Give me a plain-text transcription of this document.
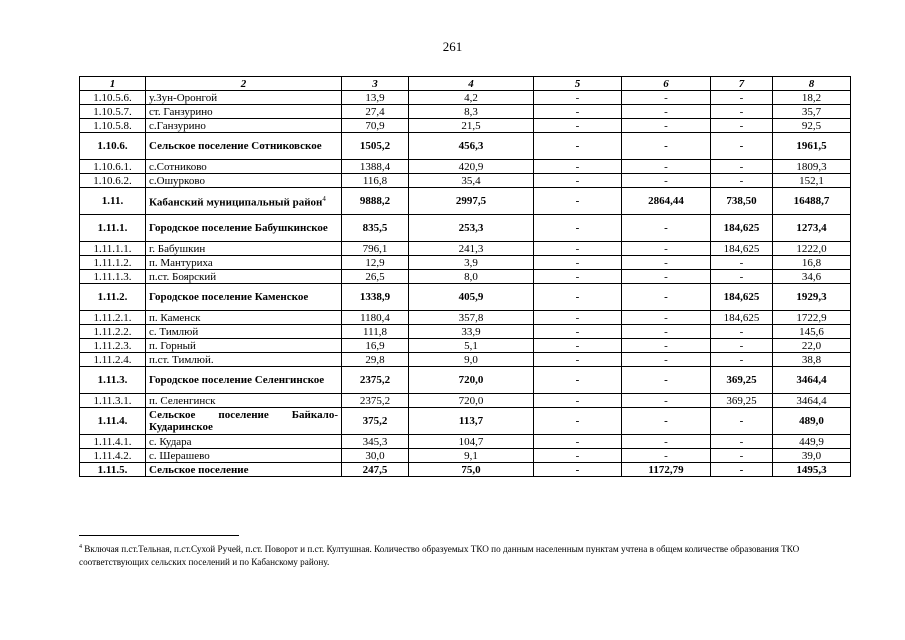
261
1	2	3	4	5	6	7	8
1.10.5.6.	у.Зун-Оронгой	13,9	4,2	-	-	-	18,2
1.10.5.7.	ст. Ганзурино	27,4	8,3	-	-	-	35,7
1.10.5.8.	с.Ганзурино	70,9	21,5	-	-	-	92,5
1.10.6.	Сельское поселение Сотниковское	1505,2	456,3	-	-	-	1961,5
1.10.6.1.	с.Сотниково	1388,4	420,9	-	-	-	1809,3
1.10.6.2.	с.Ошурково	116,8	35,4	-	-	-	152,1
1.11.	Кабанский муниципальный район$^4$	9888,2	2997,5	-	2864,44	738,50	16488,7
1.11.1.	Городское поселение Бабушкинское	835,5	253,3	-	-	184,625	1273,4
1.11.1.1.	г. Бабушкин	796,1	241,3	-	-	184,625	1222,0
1.11.1.2.	п. Мантуриха	12,9	3,9	-	-	-	16,8
1.11.1.3.	п.ст. Боярский	26,5	8,0	-	-	-	34,6
1.11.2.	Городское поселение Каменское	1338,9	405,9	-	-	184,625	1929,3
1.11.2.1.	п. Каменск	1180,4	357,8	-	-	184,625	1722,9
1.11.2.2.	с. Тимлюй	111,8	33,9	-	-	-	145,6
1.11.2.3.	п. Горный	16,9	5,1	-	-	-	22,0
1.11.2.4.	п.ст. Тимлюй.	29,8	9,0	-	-	-	38,8
1.11.3.	Городское поселение Селенгинское	2375,2	720,0	-	-	369,25	3464,4
1.11.3.1.	п. Селенгинск	2375,2	720,0	-	-	369,25	3464,4
1.11.4.	Сельское поселение Байкало-Кударинское	375,2	113,7	-	-	-	489,0
1.11.4.1.	с. Кудара	345,3	104,7	-	-	-	449,9
1.11.4.2.	с. Шерашево	30,0	9,1	-	-	-	39,0
1.11.5.	Сельское поселение	247,5	75,0	-	1172,79	-	1495,3
$^4$ Включая п.ст.Тельная, п.ст.Сухой Ручей, п.ст. Поворот и п.ст. Култушная. Количество образуемых ТКО по данным населенным пунктам учтена в общем количестве образования ТКО соответствующих сельских поселений и по Кабанскому району.
